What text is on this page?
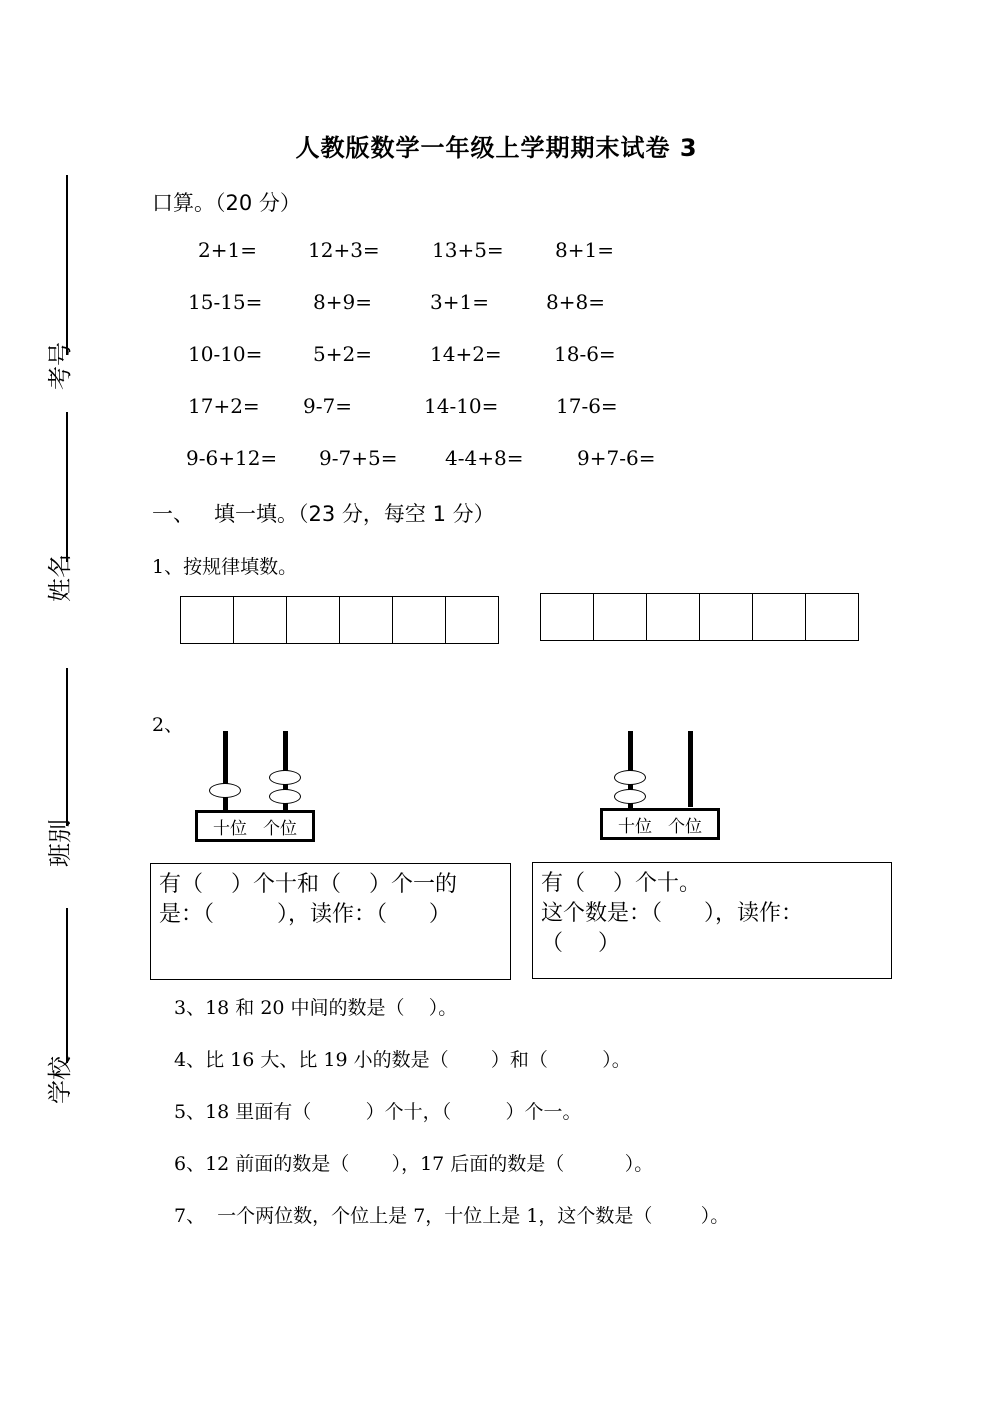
考号
姓名
班别
学校
人教版数学一年级上学期期末试卷 3
口算。（20 分）
2+1=	12+3=	13+5=	8+1=
15-15=	8+9=	3+1=	8+8=
10-10=	5+2=	14+2=	18-6=
17+2= 9-7=	14-10=	17-6=
9-6+12= 9-7+5= 4-4+8=	9+7-6=
一、   填一填。（23 分，每空 1 分）
1、按规律填数。
2、
十位 个位	十位 个位
有（    ）个十和（    ）个一的
是：（         ），读作：（      ）
有（    ）个十。
这个数是：（      ），读作：
（     ）
3、18 和 20 中间的数是（    ）。
4、比 16 大、比 19 小的数是（       ）和（         ）。
5、18 里面有（         ）个十，（         ）个一。
6、12 前面的数是（       ），17 后面的数是（          ）。
7、  一个两位数，个位上是 7，十位上是 1，这个数是（        ）。
